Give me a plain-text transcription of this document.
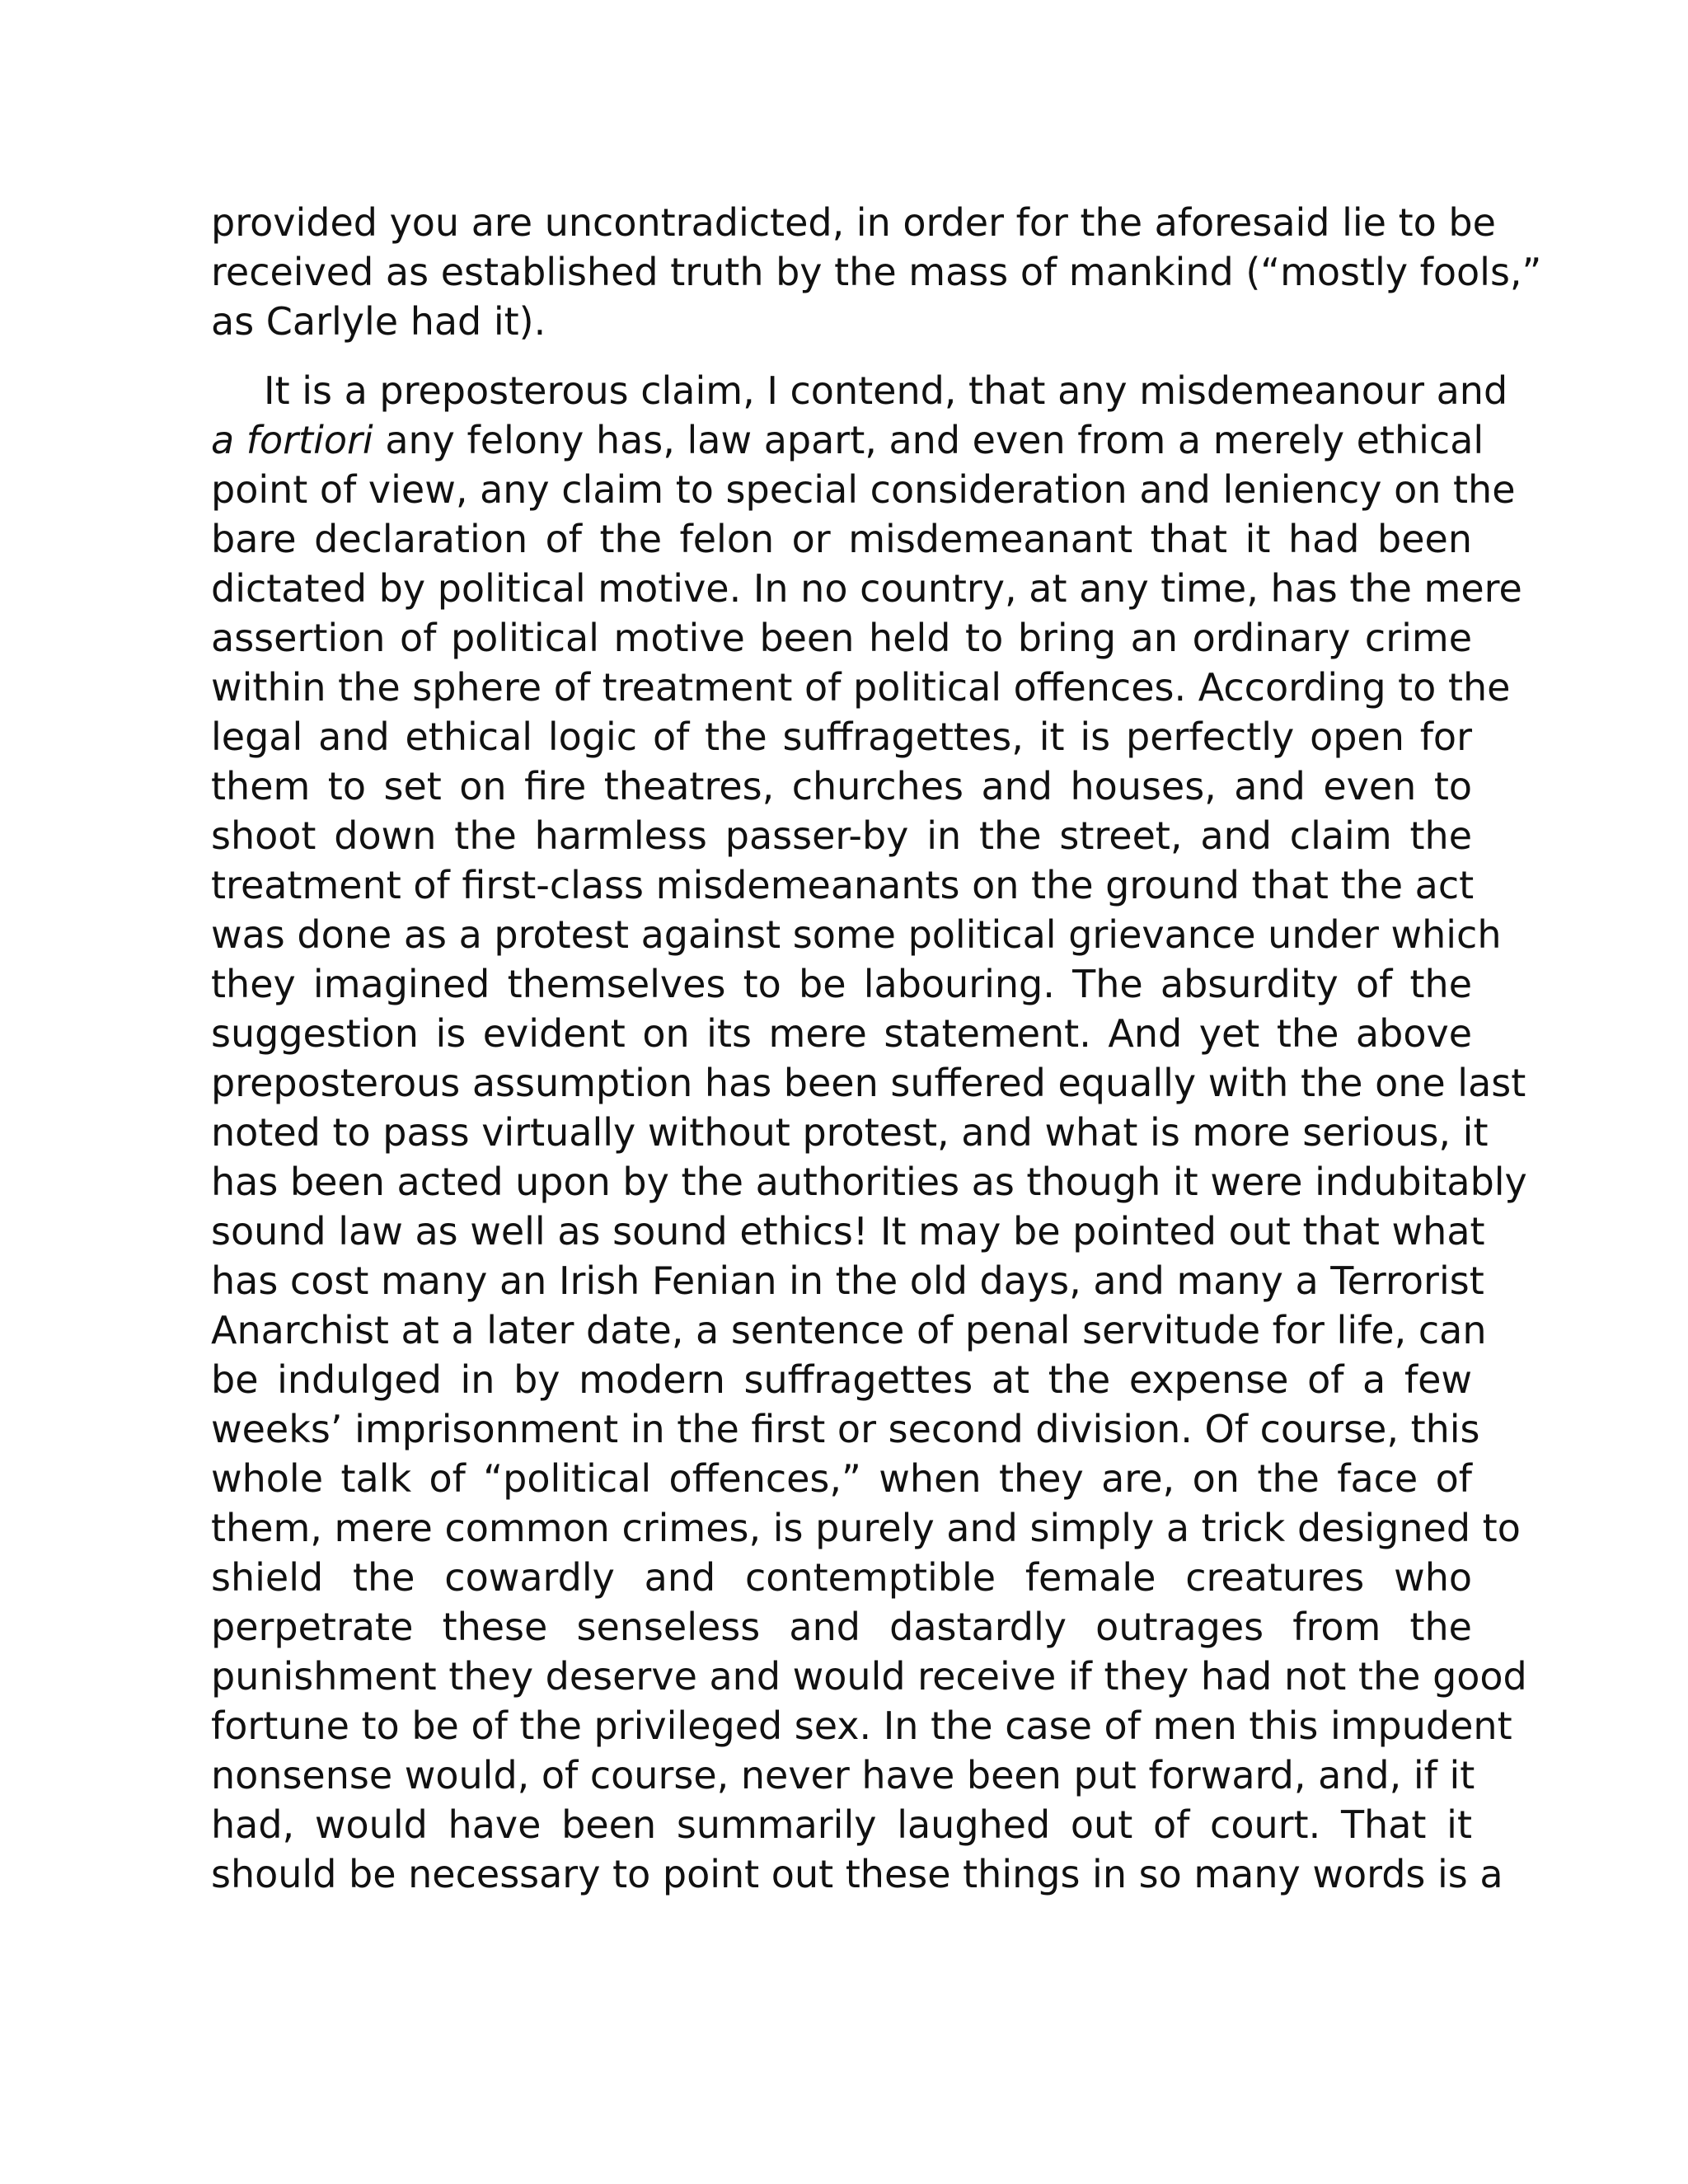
provided you are uncontradicted, in order for the aforesaid lie to be
received as established truth by the mass of mankind (“mostly fools,”
as Carlyle had it).
It is a preposterous claim, I contend, that any misdemeanour and
a fortiori any felony has, law apart, and even from a merely ethical
point of view, any claim to special consideration and leniency on the
bare declaration of the felon or misdemeanant that it had been
dictated by political motive. In no country, at any time, has the mere
assertion of political motive been held to bring an ordinary crime
within the sphere of treatment of political offences. According to the
legal and ethical logic of the suffragettes, it is perfectly open for
them to set on fire theatres, churches and houses, and even to
shoot down the harmless passer-by in the street, and claim the
treatment of first-class misdemeanants on the ground that the act
was done as a protest against some political grievance under which
they imagined themselves to be labouring. The absurdity of the
suggestion is evident on its mere statement. And yet the above
preposterous assumption has been suffered equally with the one last
noted to pass virtually without protest, and what is more serious, it
has been acted upon by the authorities as though it were indubitably
sound law as well as sound ethics! It may be pointed out that what
has cost many an Irish Fenian in the old days, and many a Terrorist
Anarchist at a later date, a sentence of penal servitude for life, can
be indulged in by modern suffragettes at the expense of a few
weeks’ imprisonment in the first or second division. Of course, this
whole talk of “political offences,” when they are, on the face of
them, mere common crimes, is purely and simply a trick designed to
shield the cowardly and contemptible female creatures who
perpetrate these senseless and dastardly outrages from the
punishment they deserve and would receive if they had not the good
fortune to be of the privileged sex. In the case of men this impudent
nonsense would, of course, never have been put forward, and, if it
had, would have been summarily laughed out of court. That it
should be necessary to point out these things in so many words is a
